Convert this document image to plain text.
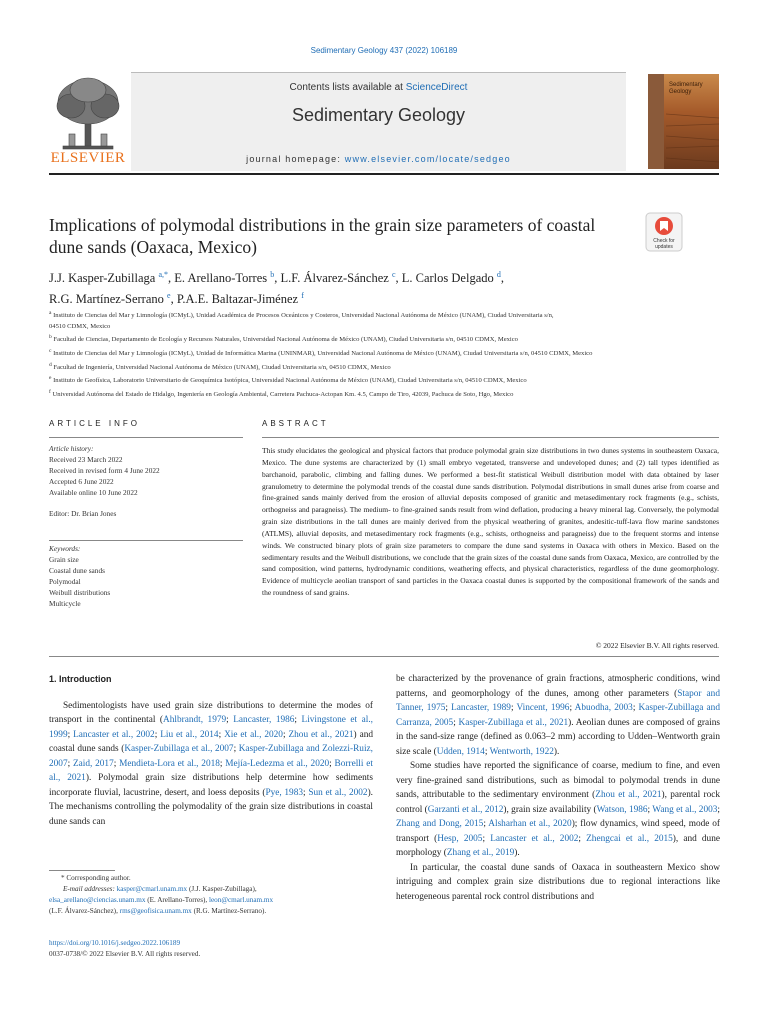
Sedimentary Geology 437 (2022) 106189
ELSEVIER
Contents lists available at ScienceDirect
Sedimentary Geology
journal homepage: www.elsevier.com/locate/sedgeo
Sedimentary
Geology
Implications of polymodal distributions in the grain size parameters of coastal dune sands (Oaxaca, Mexico)	Check for
updates
J.J. Kasper-Zubillaga $^{a,*}$, E. Arellano-Torres $^b$, L.F. Álvarez-Sánchez $^c$, L. Carlos Delgado $^d$,
R.G. Martínez-Serrano $^e$, P.A.E. Baltazar-Jiménez $^f$
$^a$ Instituto de Ciencias del Mar y Limnología (ICMyL), Unidad Académica de Procesos Oceánicos y Costeros, Universidad Nacional Autónoma de México (UNAM), Ciudad Universitaria s/n,
04510 CDMX, Mexico
$^b$ Facultad de Ciencias, Departamento de Ecología y Recursos Naturales, Universidad Nacional Autónoma de México (UNAM), Ciudad Universitaria s/n, 04510 CDMX, Mexico
$^c$ Instituto de Ciencias del Mar y Limnología (ICMyL), Unidad de Informática Marina (UNINMAR), Universidad Nacional Autónoma de México (UNAM), Ciudad Universitaria s/n, 04510 CDMX, Mexico
$^d$ Facultad de Ingeniería, Universidad Nacional Autónoma de México (UNAM), Ciudad Universitaria s/n, 04510 CDMX, Mexico
$^e$ Instituto de Geofísica, Laboratorio Universitario de Geoquímica Isotópica, Universidad Nacional Autónoma de México (UNAM), Ciudad Universitaria s/n, 04510 CDMX, Mexico
$^f$ Universidad Autónoma del Estado de Hidalgo, Ingeniería en Geología Ambiental, Carretera Pachuca-Actopan Km. 4.5, Campo de Tiro, 42039, Pachuca de Soto, Hgo, Mexico
ARTICLE INFO	ABSTRACT
Article history:
Received 23 March 2022
Received in revised form 4 June 2022
Accepted 6 June 2022
Available online 10 June 2022
Editor: Dr. Brian Jones
Keywords:
Grain size
Coastal dune sands
Polymodal
Weibull distributions
Multicycle
This study elucidates the geological and physical factors that produce polymodal grain size distributions in two dunes systems in southeastern Oaxaca, Mexico. The dune systems are characterized by (1) small embryo vegetated, transverse and undeveloped dunes; and (2) tall types identified as barchanoid, parabolic, climbing and falling dunes. We performed a best-fit statistical Weibull distribution model with data obtained by laser granulometry to determine the polymodal trends of the coastal dune sands distribution. Polymodal distributions in small dunes arise from coarse and fine-grained sands mainly derived from the erosion of alluvial deposits composed of granitic and metasedimentary rock fragments (e.g., schists, orthogneiss and paragneiss). The medium- to fine-grained sands result from wind deflation, producing a heavy mineral lag. Conversely, the polymodal grain size distributions in the tall dunes are mainly derived from the physical weathering of granites, andesitic-tuff-lava flow marine sandstones (ATLMS), alluvial deposits, and metasedimentary rock fragments (e.g., schists, orthogneiss and paragneiss) due to the frequent storms and intense winds. We constructed binary plots of grain size parameters to compare the dune sand systems in Oaxaca with others in Mexico. Based on the sedimentary results and the Weibull distributions, we conclude that the grain sizes of the coastal dune sands from Oaxaca, Mexico, are controlled by the sand composition, wind patterns, hydrodynamic conditions, weathering effects, and physical characteristics, regardless of the dune geomorphology. Evidence of multicycle aeolian transport of sand particles in the Oaxaca coastal dunes is supported by the compositional framework of the sands and the roundness of sand grains.
© 2022 Elsevier B.V. All rights reserved.
1. Introduction

Sedimentologists have used grain size distributions to determine the modes of transport in the continental (Ahlbrandt, 1979; Lancaster, 1986; Livingstone et al., 1999; Lancaster et al., 2002; Liu et al., 2014; Xie et al., 2020; Zhou et al., 2021) and coastal dune sands (Kasper-Zubillaga et al., 2007; Kasper-Zubillaga and Zolezzi-Ruiz, 2007; Zaid, 2017; Mendieta-Lora et al., 2018; Mejía-Ledezma et al., 2020; Borrelli et al., 2021). Polymodal grain size distributions help determine how sediments incorporate fluvial, lacustrine, desert, and loess deposits (Pye, 1983; Sun et al., 2002). The mechanisms controlling the polymodality of the grain size distributions in coastal dune sands can

be characterized by the provenance of grain fractions, atmospheric conditions, wind patterns, and geomorphology of the dunes, among other parameters (Stapor and Tanner, 1975; Lancaster, 1989; Vincent, 1996; Abuodha, 2003; Kasper-Zubillaga and Carranza, 2005; Kasper-Zubillaga et al., 2021). Aeolian dunes are composed of grains in the sand-size range (defined as 0.063–2 mm) according to Udden–Wentworth grain size scale (Udden, 1914; Wentworth, 1922).

Some studies have reported the significance of coarse, medium to fine, and even very fine-grained sand distributions, such as bimodal to polymodal trends in dune sands, attributable to the sedimentary environment (Zhou et al., 2021), parental rock control (Garzanti et al., 2012), grain size availability (Watson, 1986; Wang et al., 2003; Zhang and Dong, 2015; Alsharhan et al., 2020); flow dynamics, wind speed, mode of transport (Hesp, 2005; Lancaster et al., 2002; Zhengcai et al., 2015), and dune morphology (Zhang et al., 2019).

In particular, the coastal dune sands of Oaxaca in southeastern Mexico show intriguing and complex grain size distributions due to regional interactions like heterogeneous parental rock control distributions and

* Corresponding author.
E-mail addresses: kasper@cmarl.unam.mx (J.J. Kasper-Zubillaga),
elsa_arellano@ciencias.unam.mx (E. Arellano-Torres), leon@cmarl.unam.mx
(L.F. Álvarez-Sánchez), rms@geofisica.unam.mx (R.G. Martínez-Serrano).
https://doi.org/10.1016/j.sedgeo.2022.106189
0037-0738/© 2022 Elsevier B.V. All rights reserved.
